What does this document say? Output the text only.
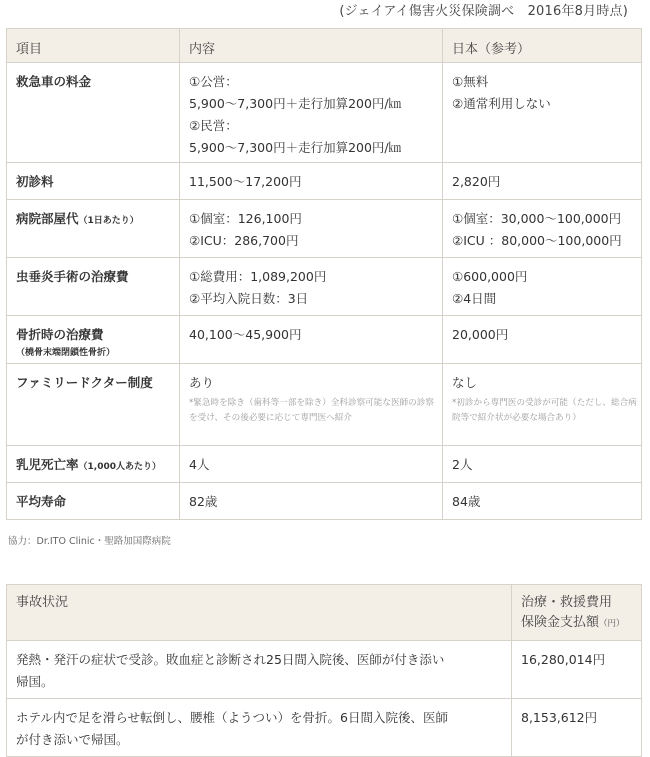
(ジェイアイ傷害火災保険調べ　2016年8月時点)
項目	内容	日本（参考）
救急車の料金	①公営：
5,900〜7,300円＋走行加算200円/㎞
②民営：
5,900〜7,300円＋走行加算200円/㎞	①無料
②通常利用しない

初診料	11,500〜17,200円	2,820円

病院部屋代（1日あたり）	①個室：126,100円
②ICU：286,700円	①個室：30,000〜100,000円
②ICU ：80,000〜100,000円

虫垂炎手術の治療費	①総費用：1,089,200円
②平均入院日数：3日	①600,000円
②4日間

骨折時の治療費
（橈骨末端閉鎖性骨折）	40,100〜45,900円	20,000円

ファミリードクター制度	あり
*緊急時を除き（歯科等一部を除き）全科診察可能な医師の診察を受け、その後必要に応じて専門医へ紹介	なし
*初診から専門医の受診が可能（ただし、総合病院等で紹介状が必要な場合あり）

乳児死亡率（1,000人あたり）	4人	2人

平均寿命	82歳	84歳
協力：Dr.ITO Clinic・聖路加国際病院
事故状況	治療・救援費用
保険金支払額（円）

発熱・発汗の症状で受診。敗血症と診断され25日間入院後、医師が付き添い
帰国。	16,280,014円

ホテル内で足を滑らせ転倒し、腰椎（ようつい）を骨折。6日間入院後、医師
が付き添いで帰国。	8,153,612円
